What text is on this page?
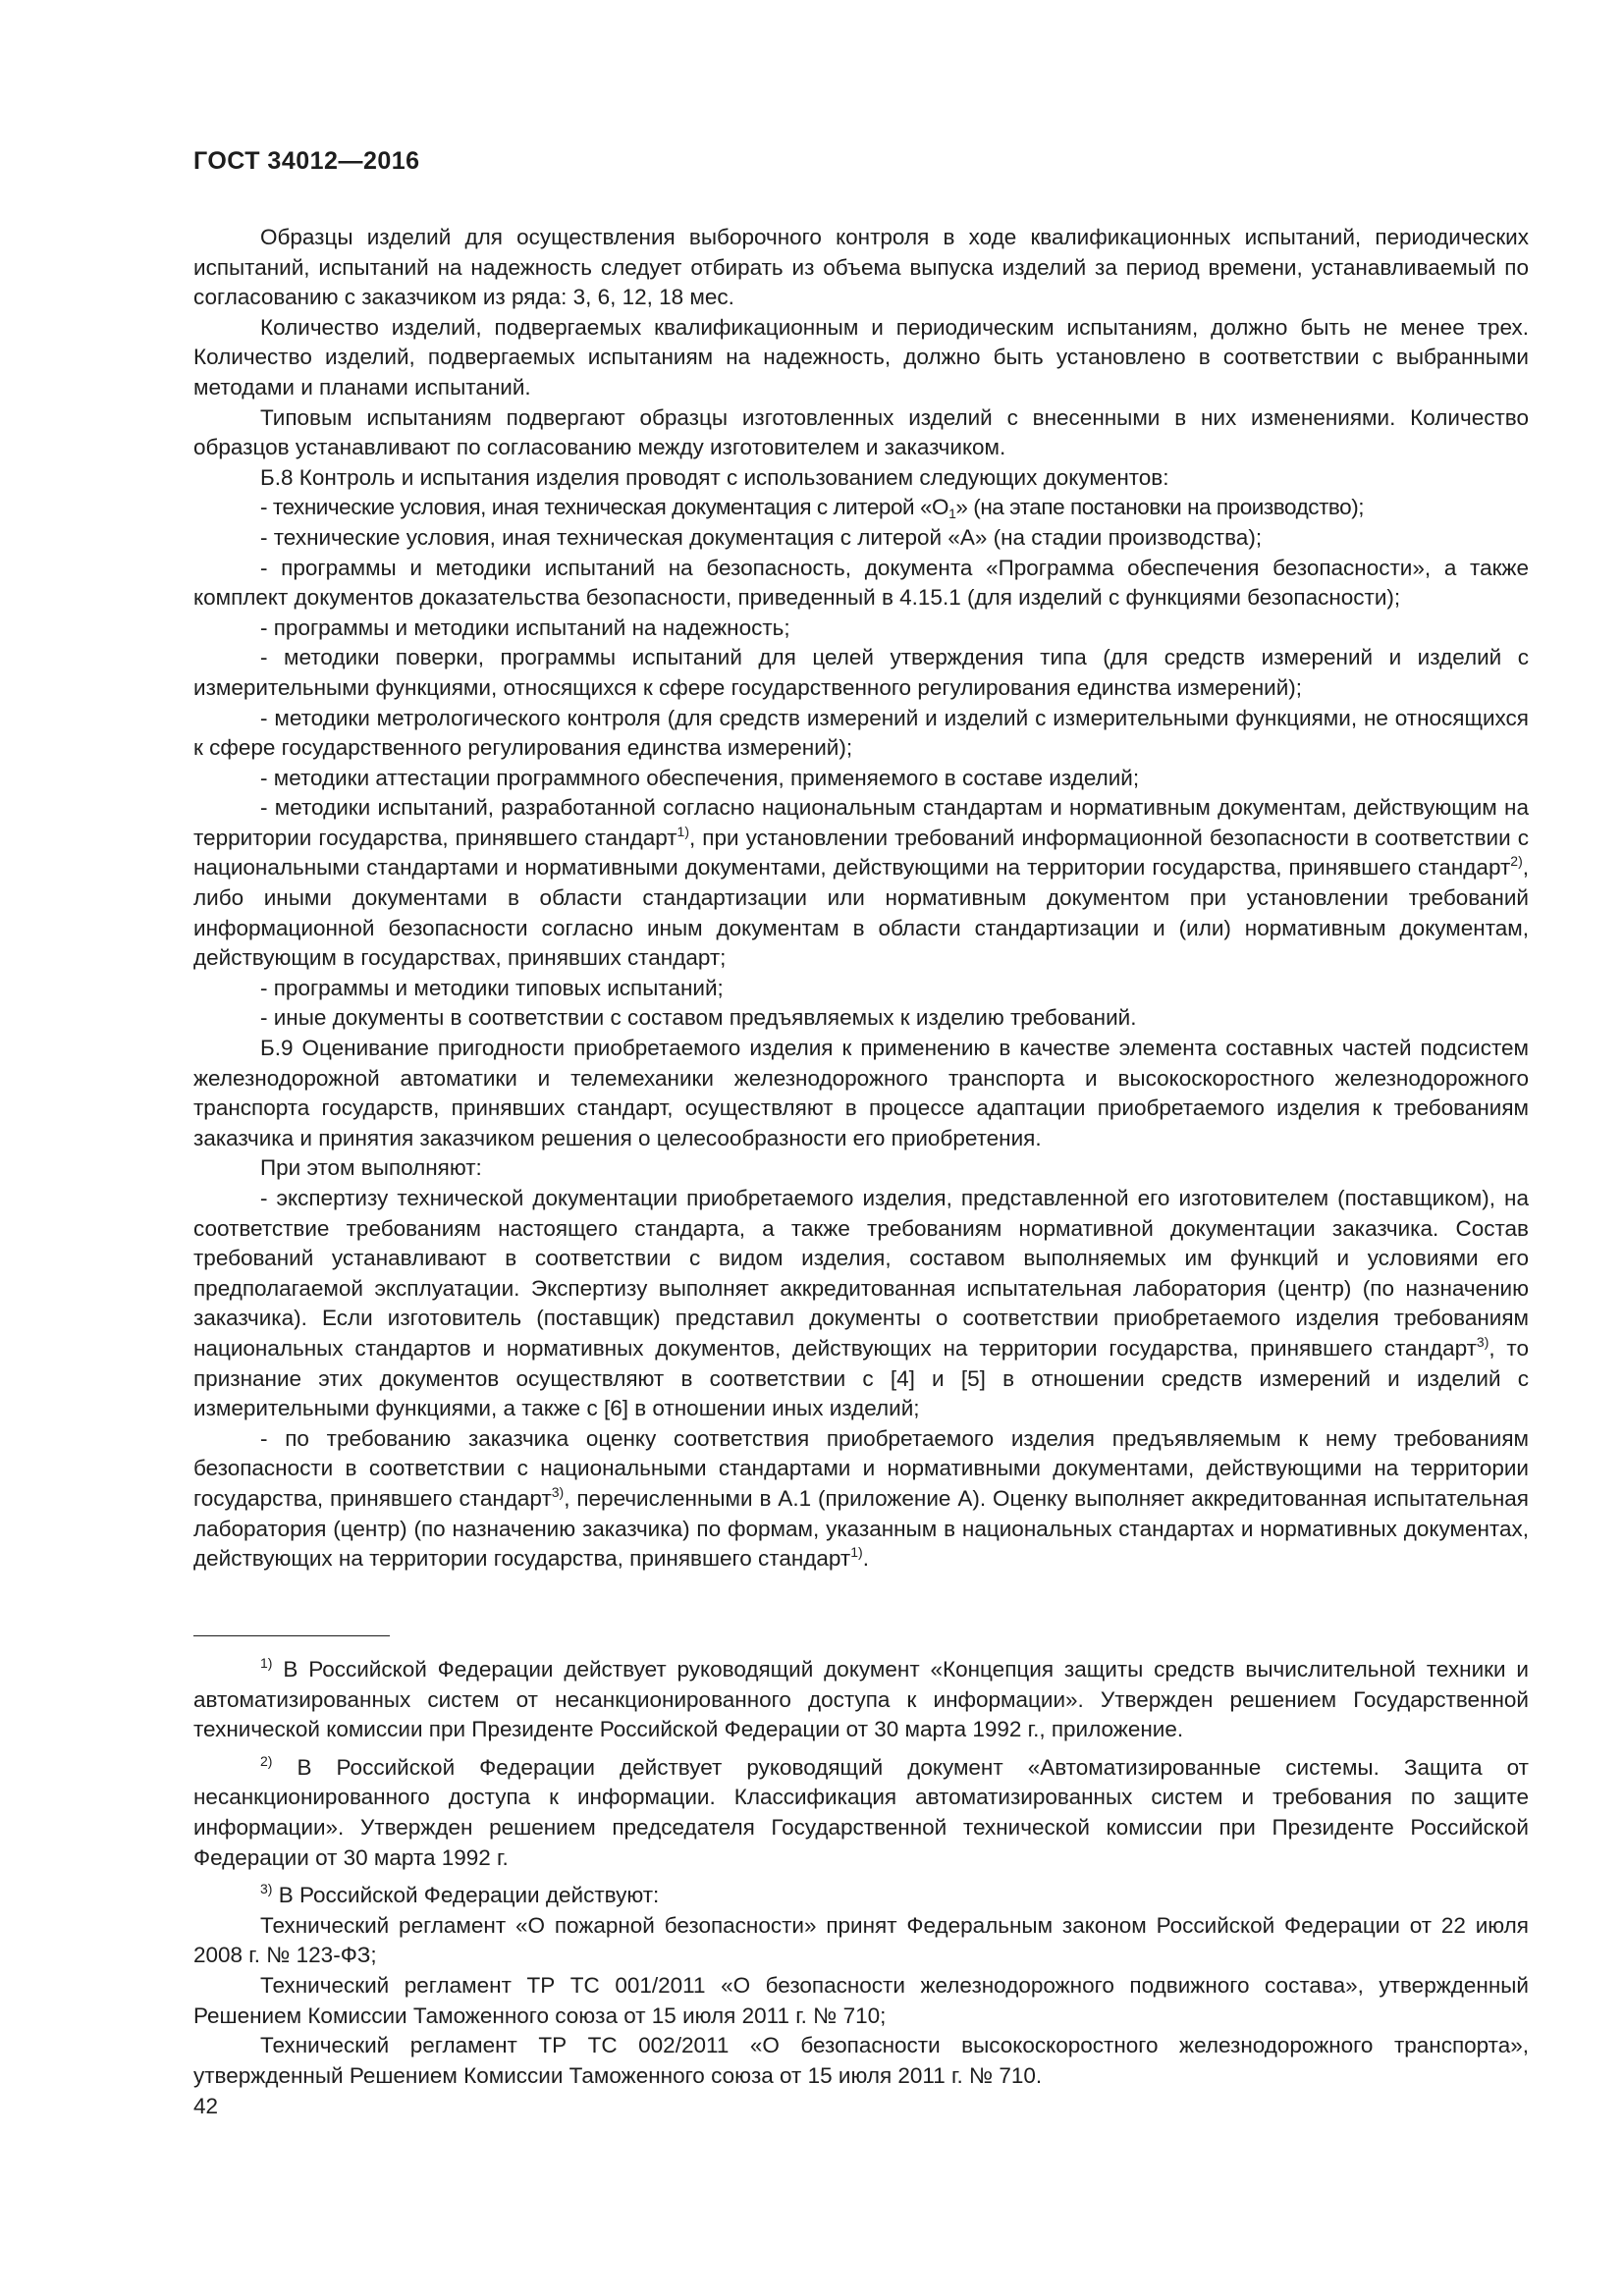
ГОСТ 34012—2016

Образцы изделий для осуществления выборочного контроля в ходе квалификационных испытаний, периодических испытаний, испытаний на надежность следует отбирать из объема выпуска изделий за период времени, устанавливаемый по согласованию с заказчиком из ряда: 3, 6, 12, 18 мес.

Количество изделий, подвергаемых квалификационным и периодическим испытаниям, должно быть не менее трех. Количество изделий, подвергаемых испытаниям на надежность, должно быть установлено в соответствии с выбранными методами и планами испытаний.

Типовым испытаниям подвергают образцы изготовленных изделий с внесенными в них изменениями. Количество образцов устанавливают по согласованию между изготовителем и заказчиком.

Б.8 Контроль и испытания изделия проводят с использованием следующих документов:

- технические условия, иная техническая документация с литерой «$О_1$» (на этапе постановки на производство);

- технические условия, иная техническая документация с литерой «А» (на стадии производства);

- программы и методики испытаний на безопасность, документа «Программа обеспечения безопасности», а также комплект документов доказательства безопасности, приведенный в 4.15.1 (для изделий с функциями безопасности);

- программы и методики испытаний на надежность;

- методики поверки, программы испытаний для целей утверждения типа (для средств измерений и изделий с измерительными функциями, относящихся к сфере государственного регулирования единства измерений);

- методики метрологического контроля (для средств измерений и изделий с измерительными функциями, не относящихся к сфере государственного регулирования единства измерений);

- методики аттестации программного обеспечения, применяемого в составе изделий;

- методики испытаний, разработанной согласно национальным стандартам и нормативным документам, действующим на территории государства, принявшего стандарт$^{1)}$, при установлении требований информационной безопасности в соответствии с национальными стандартами и нормативными документами, действующими на территории государства, принявшего стандарт$^{2)}$, либо иными документами в области стандартизации или нормативным документом при установлении требований информационной безопасности согласно иным документам в области стандартизации и (или) нормативным документам, действующим в государствах, принявших стандарт;

- программы и методики типовых испытаний;

- иные документы в соответствии с составом предъявляемых к изделию требований.

Б.9 Оценивание пригодности приобретаемого изделия к применению в качестве элемента составных частей подсистем железнодорожной автоматики и телемеханики железнодорожного транспорта и высокоскоростного железнодорожного транспорта государств, принявших стандарт, осуществляют в процессе адаптации приобретаемого изделия к требованиям заказчика и принятия заказчиком решения о целесообразности его приобретения.

При этом выполняют:

- экспертизу технической документации приобретаемого изделия, представленной его изготовителем (поставщиком), на соответствие требованиям настоящего стандарта, а также требованиям нормативной документации заказчика. Состав требований устанавливают в соответствии с видом изделия, составом выполняемых им функций и условиями его предполагаемой эксплуатации. Экспертизу выполняет аккредитованная испытательная лаборатория (центр) (по назначению заказчика). Если изготовитель (поставщик) представил документы о соответствии приобретаемого изделия требованиям национальных стандартов и нормативных документов, действующих на территории государства, принявшего стандарт$^{3)}$, то признание этих документов осуществляют в соответствии с [4] и [5] в отношении средств измерений и изделий с измерительными функциями, а также с [6] в отношении иных изделий;

- по требованию заказчика оценку соответствия приобретаемого изделия предъявляемым к нему требованиям безопасности в соответствии с национальными стандартами и нормативными документами, действующими на территории государства, принявшего стандарт$^{3)}$, перечисленными в А.1 (приложение А). Оценку выполняет аккредитованная испытательная лаборатория (центр) (по назначению заказчика) по формам, указанным в национальных стандартах и нормативных документах, действующих на территории государства, принявшего стандарт$^{1)}$.

$^{1)}$ В Российской Федерации действует руководящий документ «Концепция защиты средств вычислительной техники и автоматизированных систем от несанкционированного доступа к информации». Утвержден решением Государственной технической комиссии при Президенте Российской Федерации от 30 марта 1992 г., приложение.

$^{2)}$ В Российской Федерации действует руководящий документ «Автоматизированные системы. Защита от несанкционированного доступа к информации. Классификация автоматизированных систем и требования по защите информации». Утвержден решением председателя Государственной технической комиссии при Президенте Российской Федерации от 30 марта 1992 г.

$^{3)}$ В Российской Федерации действуют:

Технический регламент «О пожарной безопасности» принят Федеральным законом Российской Федерации от 22 июля 2008 г. № 123-ФЗ;

Технический регламент ТР ТС 001/2011 «О безопасности железнодорожного подвижного состава», утвержденный Решением Комиссии Таможенного союза от 15 июля 2011 г. № 710;

Технический регламент ТР ТС 002/2011 «О безопасности высокоскоростного железнодорожного транспорта», утвержденный Решением Комиссии Таможенного союза от 15 июля 2011 г. № 710.

42
